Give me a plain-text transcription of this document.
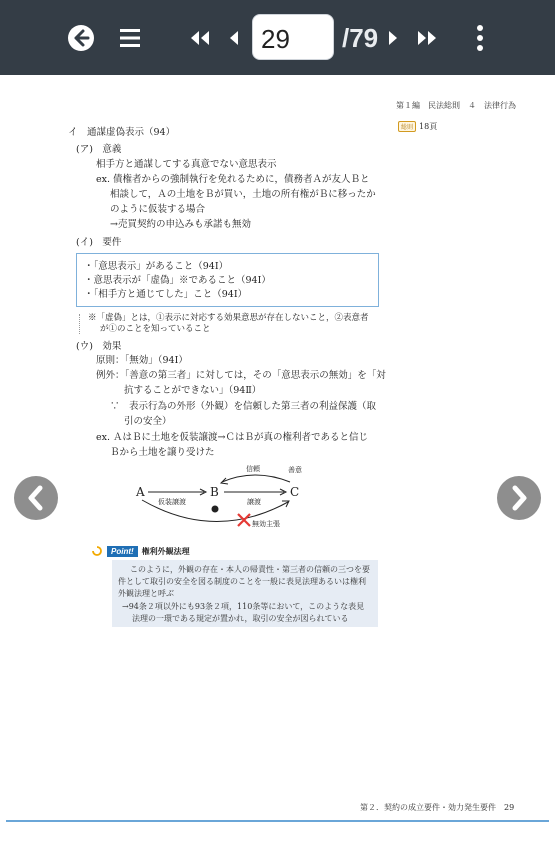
29
/79
第１編　民法総則　４　法律行為
総則 18頁
イ　通謀虚偽表示（94）
(ア)　意義
相手方と通謀してする真意でない意思表示
ex. 債権者からの強制執行を免れるために，債務者Ａが友人Ｂと
相談して，Ａの土地をＢが買い，土地の所有権がＢに移ったか
のように仮装する場合
→売買契約の申込みも承諾も無効
(イ)　要件
・「意思表示」があること（94Ⅰ）
・意思表示が「虚偽」※であること（94Ⅰ）
・「相手方と通じてした」こと（94Ⅰ）
※「虚偽」とは，①表示に対応する効果意思が存在しないこと，②表意者
が①のことを知っていること
(ウ)　効果
原則：「無効」（94Ⅰ）
例外：「善意の第三者」に対しては，その「意思表示の無効」を「対
抗することができない」（94Ⅱ）
∵　表示行為の外形（外観）を信頼した第三者の利益保護（取
引の安全）
ex. ＡはＢに土地を仮装譲渡→ＣはＢが真の権利者であると信じ
Ｂから土地を譲り受けた
A	B	C
仮装譲渡	譲渡
信頼	善意
無効主張
Point!	権利外観法理
このように，外観の存在・本人の帰責性・第三者の信頼の三つを要
件として取引の安全を図る制度のことを一般に表見法理あるいは権利
外観法理と呼ぶ
→94条２項以外にも93条２項，110条等において，このような表見
法理の一環である規定が置かれ，取引の安全が図られている
第２．契約の成立要件・効力発生要件　29
